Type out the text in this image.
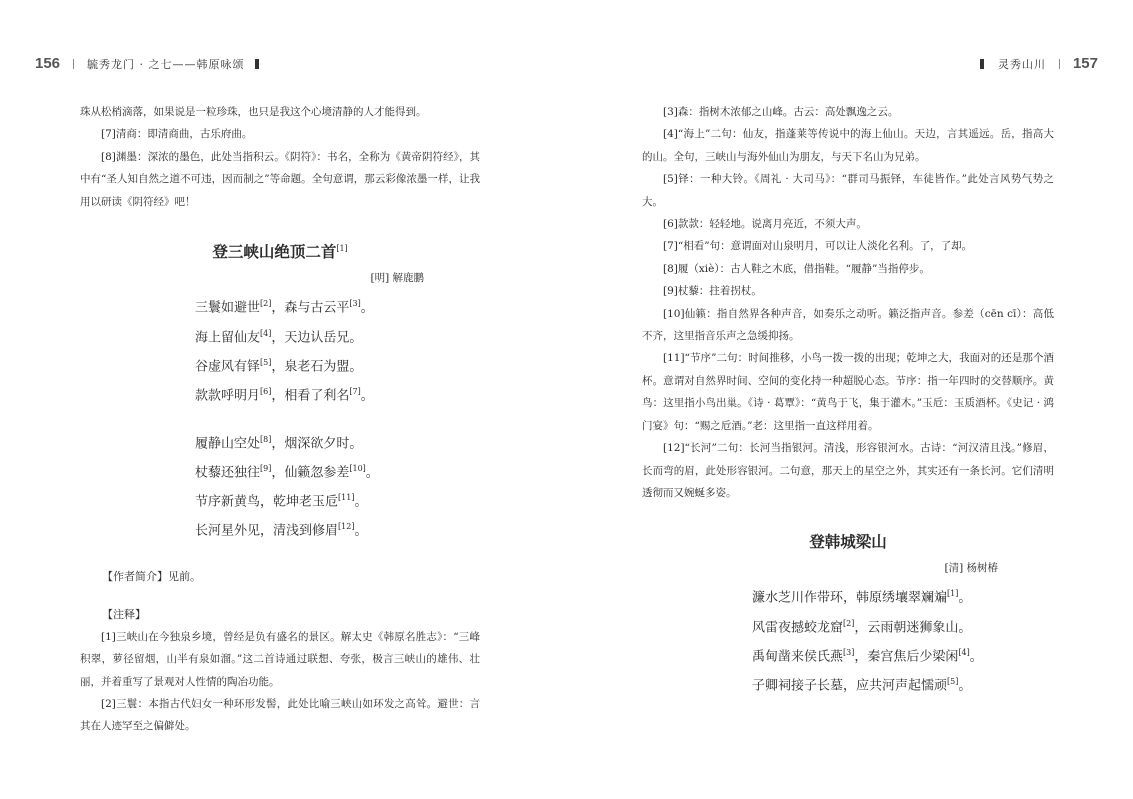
156 毓秀龙门 · 之七——韩原咏颂

珠从松梢滴落，如果说是一粒珍珠，也只是我这个心境清静的人才能得到。

[7]清商：即清商曲，古乐府曲。

[8]渊墨：深浓的墨色，此处当指积云。《阴符》：书名，全称为《黄帝阴符经》，其中有“圣人知自然之道不可违，因而制之”等命题。全句意谓，那云彩像浓墨一样，让我用以研读《阴符经》吧！

登三峡山绝顶二首[1]
[明] 解鹿鹏

三鬟如避世[2]，森与古云平[3]。

海上留仙友[4]，天边认岳兄。

谷虚风有铎[5]，泉老石为盟。

款款呼明月[6]，相看了利名[7]。

履静山空处[8]，烟深欲夕时。

杖藜还独往[9]，仙籁忽参差[10]。

节序新黄鸟，乾坤老玉卮[11]。

长河星外见，清浅到修眉[12]。

【作者简介】见前。

【注释】

[1]三峡山在今独泉乡境，曾经是负有盛名的景区。解太史《韩原名胜志》：“三峰积翠，萝径留烟，山半有泉如溜。”这二首诗通过联想、夸张，极言三峡山的雄伟、壮丽，并着重写了景观对人性情的陶冶功能。

[2]三鬟：本指古代妇女一种环形发髻，此处比喻三峡山如环发之高耸。避世：言其在人迹罕至之偏僻处。

灵秀山川 157

[3]森：指树木浓郁之山峰。古云：高处飘逸之云。

[4]“海上”二句：仙友，指蓬莱等传说中的海上仙山。天边，言其遥远。岳，指高大的山。全句，三峡山与海外仙山为朋友，与天下名山为兄弟。

[5]铎：一种大铃。《周礼 · 大司马》：“群司马振铎，车徒皆作。”此处言风势气势之大。

[6]款款：轻轻地。说离月亮近，不须大声。

[7]“相看”句：意谓面对山泉明月，可以让人淡化名利。了，了却。

[8]履（xiè）：古人鞋之木底，借指鞋。“履静”当指停步。

[9]杖藜：拄着拐杖。

[10]仙籁：指自然界各种声音，如奏乐之动听。籁泛指声音。参差（cēn cī）：高低不齐，这里指音乐声之急缓抑扬。

[11]“节序”二句：时间推移，小鸟一拨一拨的出现；乾坤之大，我面对的还是那个酒杯。意谓对自然界时间、空间的变化持一种超脱心态。节序：指一年四时的交替顺序。黄鸟：这里指小鸟出巢。《诗 · 葛覃》：“黄鸟于飞，集于灌木。”玉卮：玉质酒杯。《史记 · 鸿门宴》句：“赐之卮酒。”老：这里指一直这样用着。

[12]“长河”二句：长河当指银河。清浅，形容银河水。古诗：“河汉清且浅。”修眉，长而弯的眉，此处形容银河。二句意，那天上的星空之外，其实还有一条长河。它们清明透彻而又婉蜒多姿。

登韩城梁山
[清] 杨树椿

濂水芝川作带环，韩原绣壤翠斓斒[1]。

风雷夜撼蛟龙窟[2]，云雨朝迷狮象山。

禹甸凿来侯氏燕[3]，秦宫焦后少梁闲[4]。

子卿祠接子长墓，应共河声起懦顽[5]。
